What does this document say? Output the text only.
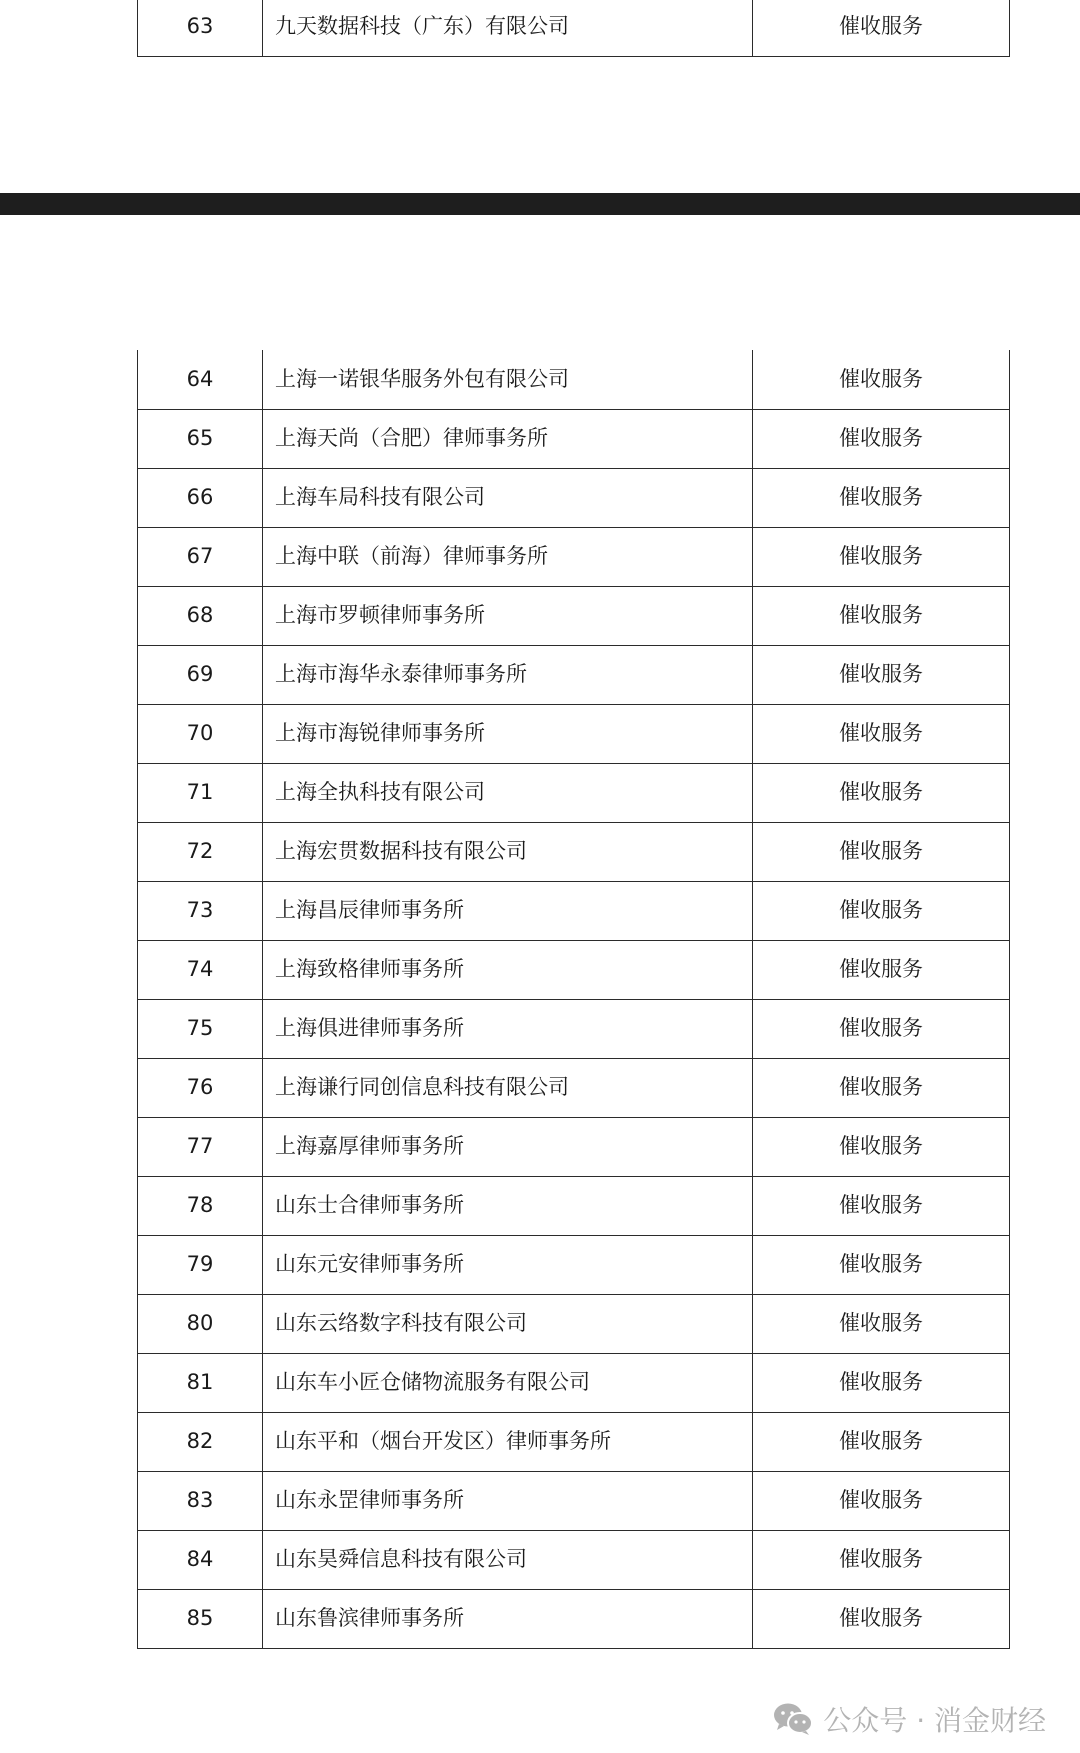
63	九天数据科技（广东）有限公司	催收服务
64	上海一诺银华服务外包有限公司	催收服务
65	上海天尚（合肥）律师事务所	催收服务
66	上海车局科技有限公司	催收服务
67	上海中联（前海）律师事务所	催收服务
68	上海市罗顿律师事务所	催收服务
69	上海市海华永泰律师事务所	催收服务
70	上海市海锐律师事务所	催收服务
71	上海全执科技有限公司	催收服务
72	上海宏贯数据科技有限公司	催收服务
73	上海昌辰律师事务所	催收服务
74	上海致格律师事务所	催收服务
75	上海俱进律师事务所	催收服务
76	上海谦行同创信息科技有限公司	催收服务
77	上海嘉厚律师事务所	催收服务
78	山东士合律师事务所	催收服务
79	山东元安律师事务所	催收服务
80	山东云络数字科技有限公司	催收服务
81	山东车小匠仓储物流服务有限公司	催收服务
82	山东平和（烟台开发区）律师事务所	催收服务
83	山东永罡律师事务所	催收服务
84	山东昊舜信息科技有限公司	催收服务
85	山东鲁滨律师事务所	催收服务
公众号 · 消金财经
